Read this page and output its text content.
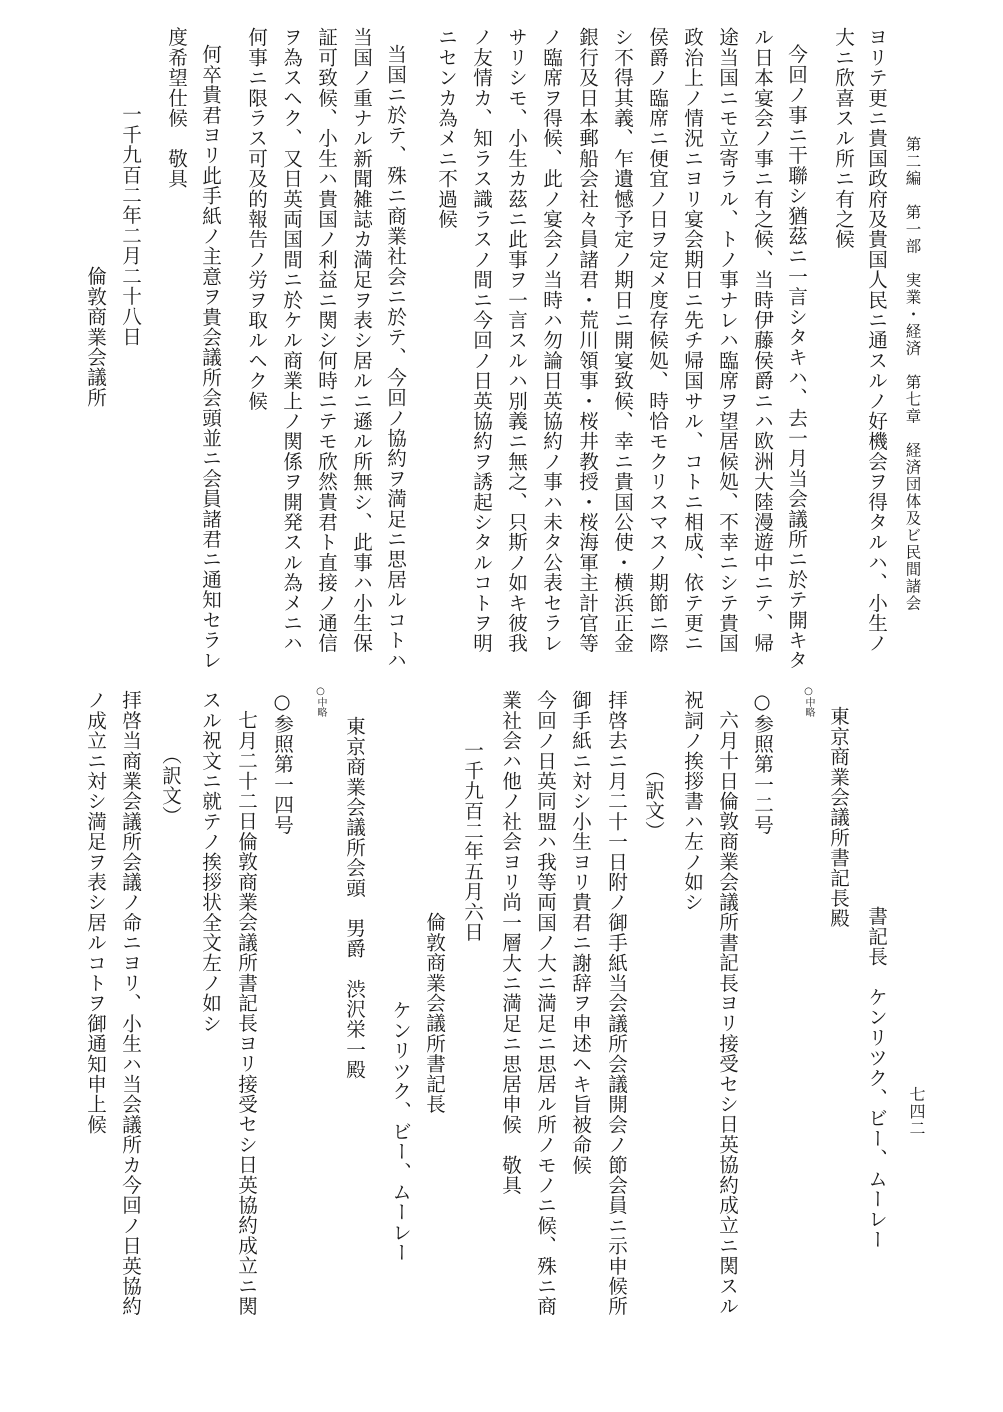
七四二
第二編　第一部　実業・経済　第七章　経済団体及ビ民間諸会
ヨリテ更ニ貴国政府及貴国人民ニ通スルノ好機会ヲ得タルハ、小生ノ
大ニ欣喜スル所ニ有之候
今回ノ事ニ干聯シ猶茲ニ一言シタキハ、去一月当会議所ニ於テ開キタ
ル日本宴会ノ事ニ有之候、当時伊藤侯爵ニハ欧洲大陸漫遊中ニテ、帰
途当国ニモ立寄ラル、トノ事ナレハ臨席ヲ望居候処、不幸ニシテ貴国
政治上ノ情況ニヨリ宴会期日ニ先チ帰国サル、コトニ相成、依テ更ニ
侯爵ノ臨席ニ便宜ノ日ヲ定メ度存候処、時恰モクリスマスノ期節ニ際
シ不得其義、乍遺憾予定ノ期日ニ開宴致候、幸ニ貴国公使・横浜正金
銀行及日本郵船会社々員諸君・荒川領事・桜井教授・桜海軍主計官等
ノ臨席ヲ得候、此ノ宴会ノ当時ハ勿論日英協約ノ事ハ未タ公表セラレ
サリシモ、小生カ茲ニ此事ヲ一言スルハ別義ニ無之、只斯ノ如キ彼我
ノ友情カ、知ラス識ラスノ間ニ今回ノ日英協約ヲ誘起シタルコトヲ明
ニセンカ為メニ不過候
当国ニ於テ、殊ニ商業社会ニ於テ、今回ノ協約ヲ満足ニ思居ルコトハ
当国ノ重ナル新聞雑誌カ満足ヲ表シ居ルニ遜ル所無シ、此事ハ小生保
証可致候、小生ハ貴国ノ利益ニ関シ何時ニテモ欣然貴君ト直接ノ通信
ヲ為スヘク、又日英両国間ニ於ケル商業上ノ関係ヲ開発スル為メニハ
何事ニ限ラス可及的報告ノ労ヲ取ルヘク候
何卒貴君ヨリ此手紙ノ主意ヲ貴会議所会頭並ニ会員諸君ニ通知セラレ
度希望仕候　敬具
一千九百二年二月二十八日
倫敦商業会議所
書記長　ケンリツク、ビー、ムーレー
東京商業会議所書記長殿
○中略
○参照第一二号
六月十日倫敦商業会議所書記長ヨリ接受セシ日英協約成立ニ関スル
祝詞ノ挨拶書ハ左ノ如シ
（訳文）
拝啓去ニ月二十一日附ノ御手紙当会議所会議開会ノ節会員ニ示申候所
御手紙ニ対シ小生ヨリ貴君ニ謝辞ヲ申述ヘキ旨被命候
今回ノ日英同盟ハ我等両国ノ大ニ満足ニ思居ル所ノモノニ候、殊ニ商
業社会ハ他ノ社会ヨリ尚一層大ニ満足ニ思居申候　敬具
一千九百二年五月六日
倫敦商業会議所書記長
ケンリツク、ビー、ムーレー
東京商業会議所会頭　男爵　渋沢栄一殿
○中略
○参照第一四号
七月二十二日倫敦商業会議所書記長ヨリ接受セシ日英協約成立ニ関
スル祝文ニ就テノ挨拶状全文左ノ如シ
（訳文）
拝啓当商業会議所会議ノ命ニヨリ、小生ハ当会議所カ今回ノ日英協約
ノ成立ニ対シ満足ヲ表シ居ルコトヲ御通知申上候
